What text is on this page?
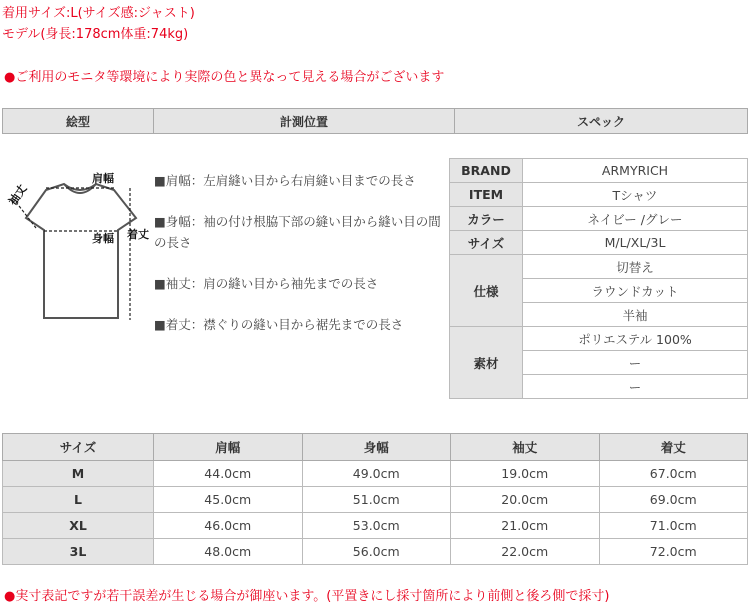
着用サイズ:L(サイズ感:ジャスト)
モデル(身長:178cm体重:74kg)
●ご利用のモニタ等環境により実際の色と異なって見える場合がございます
絵型	計測位置	スペック
肩幅
身幅
袖丈
着丈
■肩幅：左肩縫い目から右肩縫い目までの長さ
■身幅：袖の付け根脇下部の縫い目から縫い目の間の長さ
■袖丈：肩の縫い目から袖先までの長さ
■着丈：襟ぐりの縫い目から裾先までの長さ
BRAND	ARMYRICH
ITEM	Tシャツ
カラー	ネイビー /グレー
サイズ	M/L/XL/3L
仕様	切替え
	ラウンドカット
	半袖
素材	ポリエステル 100%
	ー
	ー
サイズ	肩幅	身幅	袖丈	着丈
M	44.0cm	49.0cm	19.0cm	67.0cm
L	45.0cm	51.0cm	20.0cm	69.0cm
XL	46.0cm	53.0cm	21.0cm	71.0cm
3L	48.0cm	56.0cm	22.0cm	72.0cm
●実寸表記ですが若干誤差が生じる場合が御座います。(平置きにし採寸箇所により前側と後ろ側で採寸)
